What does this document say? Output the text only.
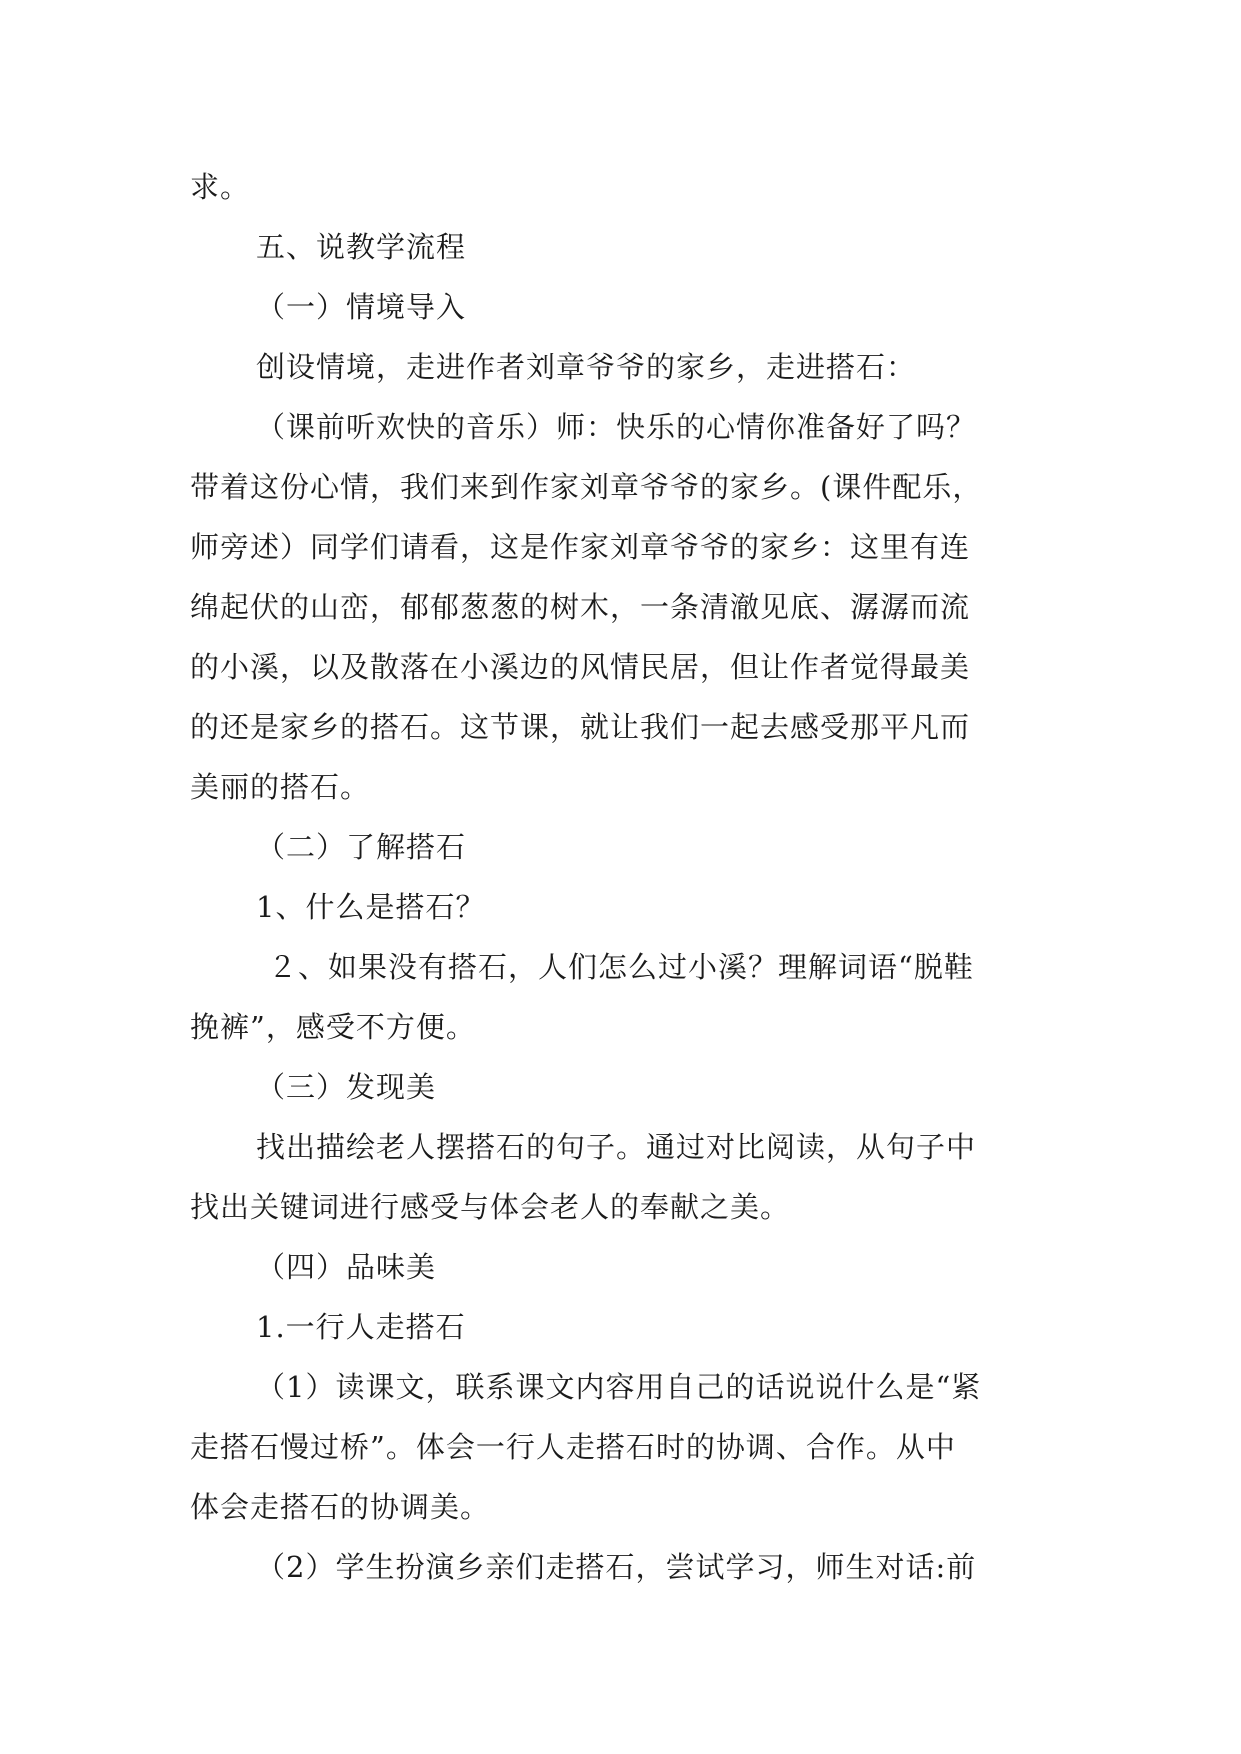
求。
五、说教学流程
（一）情境导入
创设情境，走进作者刘章爷爷的家乡，走进搭石：
（课前听欢快的音乐）师：快乐的心情你准备好了吗？
带着这份心情，我们来到作家刘章爷爷的家乡。(课件配乐，
师旁述）同学们请看，这是作家刘章爷爷的家乡：这里有连
绵起伏的山峦，郁郁葱葱的树木，一条清澈见底、潺潺而流
的小溪，以及散落在小溪边的风情民居，但让作者觉得最美
的还是家乡的搭石。这节课，就让我们一起去感受那平凡而
美丽的搭石。
（二）了解搭石
1、什么是搭石？
２、如果没有搭石，人们怎么过小溪？理解词语“脱鞋
挽裤”，感受不方便。
（三）发现美
找出描绘老人摆搭石的句子。通过对比阅读，从句子中
找出关键词进行感受与体会老人的奉献之美。
（四）品味美
1.一行人走搭石
（1）读课文，联系课文内容用自己的话说说什么是“紧
走搭石慢过桥”。体会一行人走搭石时的协调、合作。从中
体会走搭石的协调美。
（2）学生扮演乡亲们走搭石，尝试学习，师生对话:前
